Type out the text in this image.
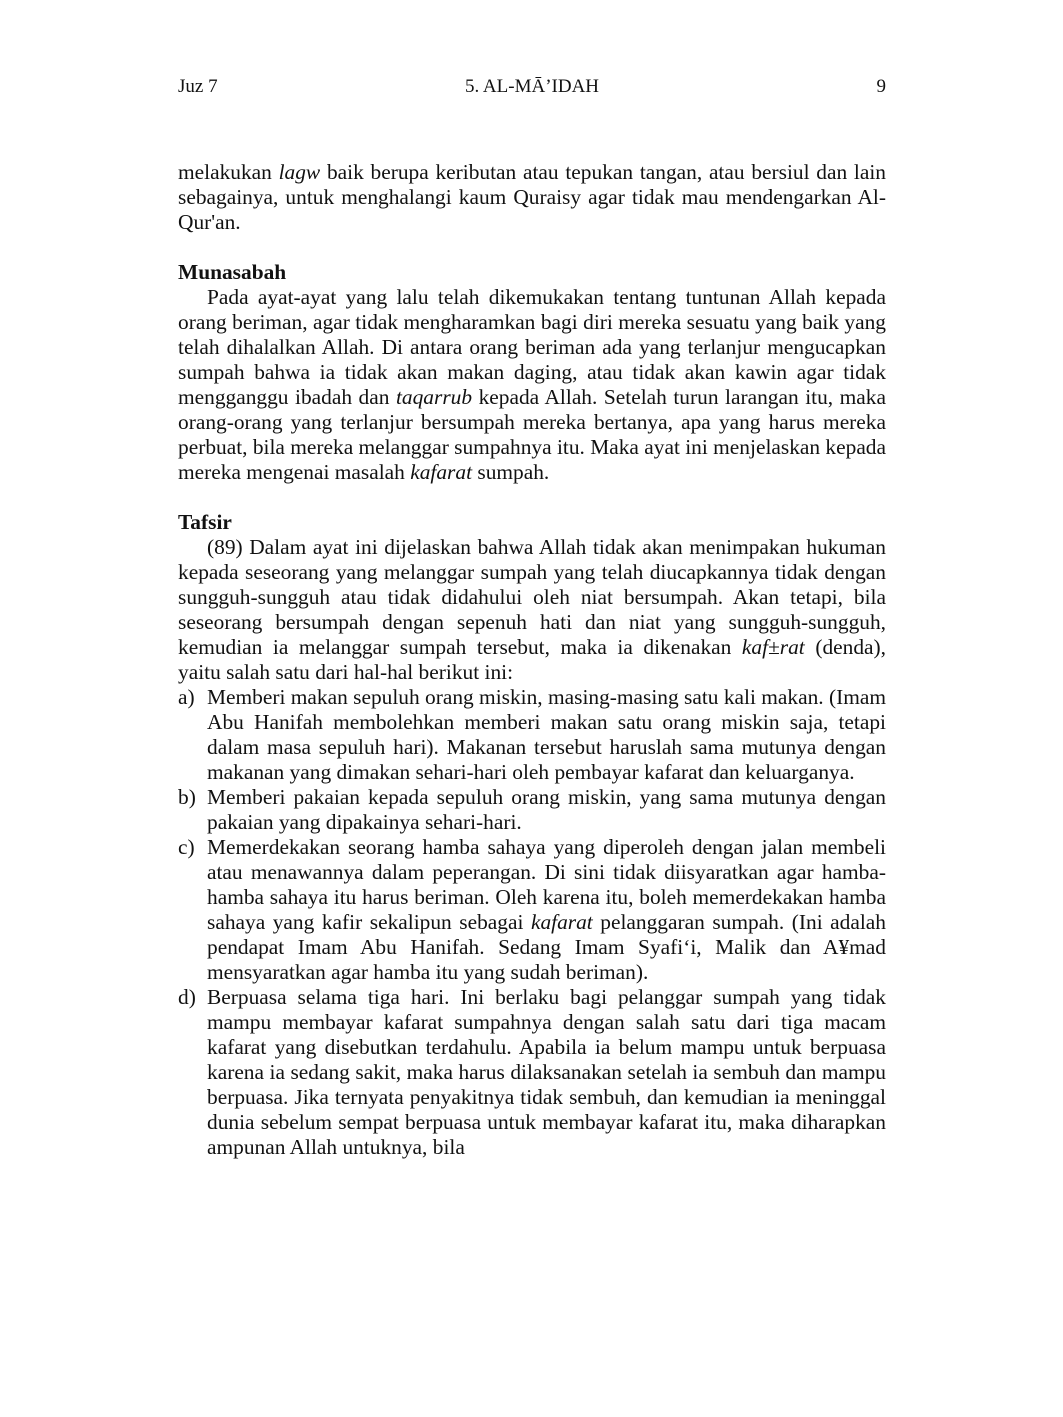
Juz 7	5. AL-MĀ’IDAH	9

melakukan lagw baik berupa keributan atau tepukan tangan, atau bersiul dan lain sebagainya, untuk menghalangi kaum Quraisy agar tidak mau mendengarkan Al-Qur'an.

Munasabah

Pada ayat-ayat yang lalu telah dikemukakan tentang tuntunan Allah kepada orang beriman, agar tidak mengharamkan bagi diri mereka sesuatu yang baik yang telah dihalalkan Allah. Di antara orang beriman ada yang terlanjur mengucapkan sumpah bahwa ia tidak akan makan daging, atau tidak akan kawin agar tidak mengganggu ibadah dan taqarrub kepada Allah. Setelah turun larangan itu, maka orang-orang yang terlanjur bersumpah mereka bertanya, apa yang harus mereka perbuat, bila mereka melanggar sumpahnya itu. Maka ayat ini menjelaskan kepada mereka mengenai masalah kafarat sumpah.

Tafsir

(89) Dalam ayat ini dijelaskan bahwa Allah tidak akan menimpakan hukuman kepada seseorang yang melanggar sumpah yang telah diucapkannya tidak dengan sungguh-sungguh atau tidak didahului oleh niat bersumpah. Akan tetapi, bila seseorang bersumpah dengan sepenuh hati dan niat yang sungguh-sungguh, kemudian ia melanggar sumpah tersebut, maka ia dikenakan kaf±rat (denda), yaitu salah satu dari hal-hal berikut ini:

a) Memberi makan sepuluh orang miskin, masing-masing satu kali makan. (Imam Abu Hanifah membolehkan memberi makan satu orang miskin saja, tetapi dalam masa sepuluh hari). Makanan tersebut haruslah sama mutunya dengan makanan yang dimakan sehari-hari oleh pembayar kafarat dan keluarganya.
b) Memberi pakaian kepada sepuluh orang miskin, yang sama mutunya dengan pakaian yang dipakainya sehari-hari.
c) Memerdekakan seorang hamba sahaya yang diperoleh dengan jalan membeli atau menawannya dalam peperangan. Di sini tidak diisyaratkan agar hamba-hamba sahaya itu harus beriman. Oleh karena itu, boleh memerdekakan hamba sahaya yang kafir sekalipun sebagai kafarat pelanggaran sumpah. (Ini adalah pendapat Imam Abu Hanifah. Sedang Imam Syafi‘i, Malik dan A¥mad mensyaratkan agar hamba itu yang sudah beriman).
d) Berpuasa selama tiga hari. Ini berlaku bagi pelanggar sumpah yang tidak mampu membayar kafarat sumpahnya dengan salah satu dari tiga macam kafarat yang disebutkan terdahulu. Apabila ia belum mampu untuk berpuasa karena ia sedang sakit, maka harus dilaksanakan setelah ia sembuh dan mampu berpuasa. Jika ternyata penyakitnya tidak sembuh, dan kemudian ia meninggal dunia sebelum sempat berpuasa untuk membayar kafarat itu, maka diharapkan ampunan Allah untuknya, bila
